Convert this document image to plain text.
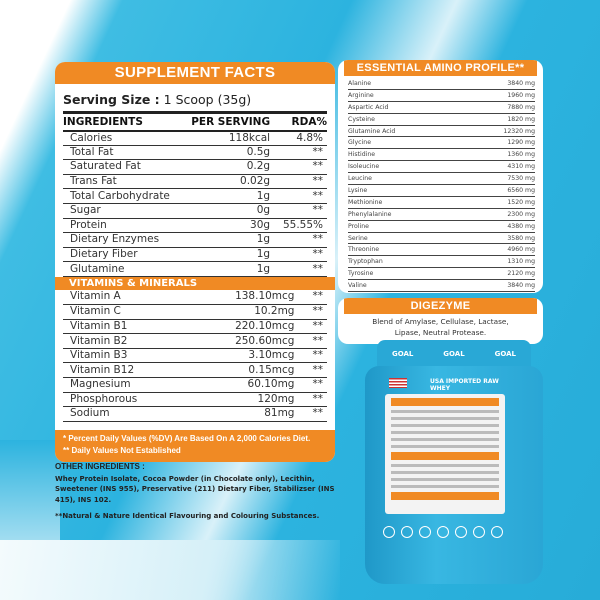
SUPPLEMENT FACTS
Serving Size : 1 Scoop (35g)
INGREDIENTS	PER SERVING	RDA%
Calories	118kcal	4.8%
Total Fat	0.5g	**
Saturated Fat	0.2g	**
Trans Fat	0.02g	**
Total Carbohydrate	1g	**
Sugar	0g	**
Protein	30g	55.55%
Dietary Enzymes	1g	**
Dietary Fiber	1g	**
Glutamine	1g	**
VITAMINS & MINERALS
Vitamin A	138.10mcg	**
Vitamin C	10.2mg	**
Vitamin B1	220.10mcg	**
Vitamin B2	250.60mcg	**
Vitamin B3	3.10mcg	**
Vitamin B12	0.15mcg	**
Magnesium	60.10mg	**
Phosphorous	120mg	**
Sodium	81mg	**
* Percent Daily Values (%DV) Are Based On A 2,000 Calories Diet.
** Daily Values Not Established
ESSENTIAL AMINO PROFILE**
Alanine	3840 mg
Arginine	1960 mg
Aspartic Acid	7880 mg
Cysteine	1820 mg
Glutamine Acid	12320 mg
Glycine	1290 mg
Histidine	1360 mg
Isoleucine	4310 mg
Leucine	7530 mg
Lysine	6560 mg
Methionine	1520 mg
Phenylalanine	2300 mg
Proline	4380 mg
Serine	3580 mg
Threonine	4960 mg
Tryptophan	1310 mg
Tyrosine	2120 mg
Valine	3840 mg
DIGEZYME
Blend of Amylase, Cellulase, Lactase,
Lipase, Neutral Protease.
OTHER INGREDIENTS :
Whey Protein Isolate, Cocoa Powder (in Chocolate only), Lecithin, Sweetener (INS 955), Preservative (211) Dietary Fiber, Stabilizser (INS 415), INS 102.
**Natural & Nature Identical Flavouring and Colouring Substances.
GOAL	GOAL	GOAL
USA IMPORTED RAW WHEY
